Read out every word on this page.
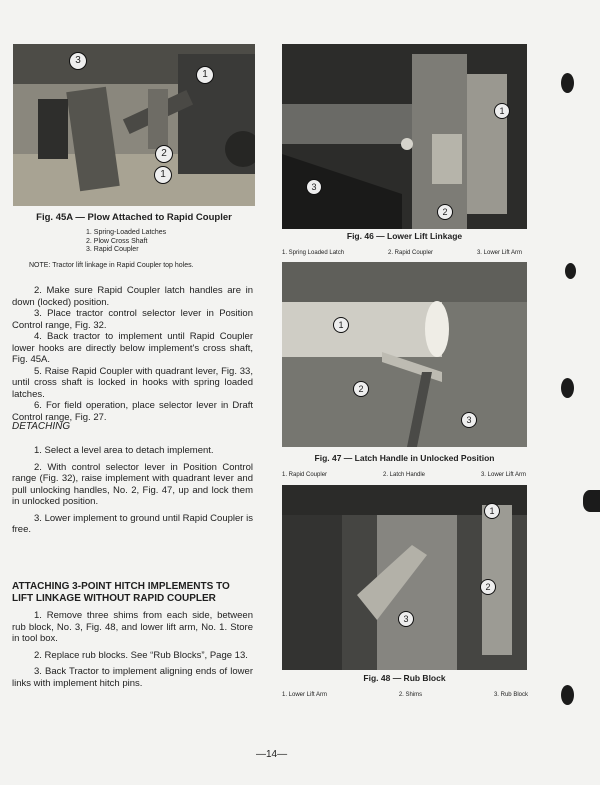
3
1
2
1
Fig. 45A — Plow Attached to Rapid Coupler
1. Spring-Loaded Latches
2. Plow Cross Shaft
3. Rapid Coupler
NOTE: Tractor lift linkage in Rapid Coupler top holes.

2. Make sure Rapid Coupler latch handles are in down (locked) position.

3. Place tractor control selector lever in Position Control range, Fig. 32.

4. Back tractor to implement until Rapid Coupler lower hooks are directly below implement's cross shaft, Fig. 45A.

5. Raise Rapid Coupler with quadrant lever, Fig. 33, until cross shaft is locked in hooks with spring loaded latches.

6. For field operation, place selector lever in Draft Control range, Fig. 27.

DETACHING

1. Select a level area to detach implement.

2. With control selector lever in Position Control range (Fig. 32), raise implement with quadrant lever and pull unlocking handles, No. 2, Fig. 47, up and lock them in unlocked position.

3. Lower implement to ground until Rapid Coupler is free.

ATTACHING 3-POINT HITCH IMPLEMENTS TO LIFT LINKAGE WITHOUT RAPID COUPLER

1. Remove three shims from each side, between rub block, No. 3, Fig. 48, and lower lift arm, No. 1. Store in tool box.

2. Replace rub blocks. See “Rub Blocks”, Page 13.

3. Back Tractor to implement aligning ends of lower links with implement hitch pins.

1
2
3
Fig. 46 — Lower Lift Linkage
1. Spring Loaded Latch	2. Rapid Coupler	3. Lower Lift Arm
1
2
3
Fig. 47 — Latch Handle in Unlocked Position
1. Rapid Coupler	2. Latch Handle	3. Lower Lift Arm
1
2
3
Fig. 48 — Rub Block
1. Lower Lift Arm	2. Shims	3. Rub Block
—14—
